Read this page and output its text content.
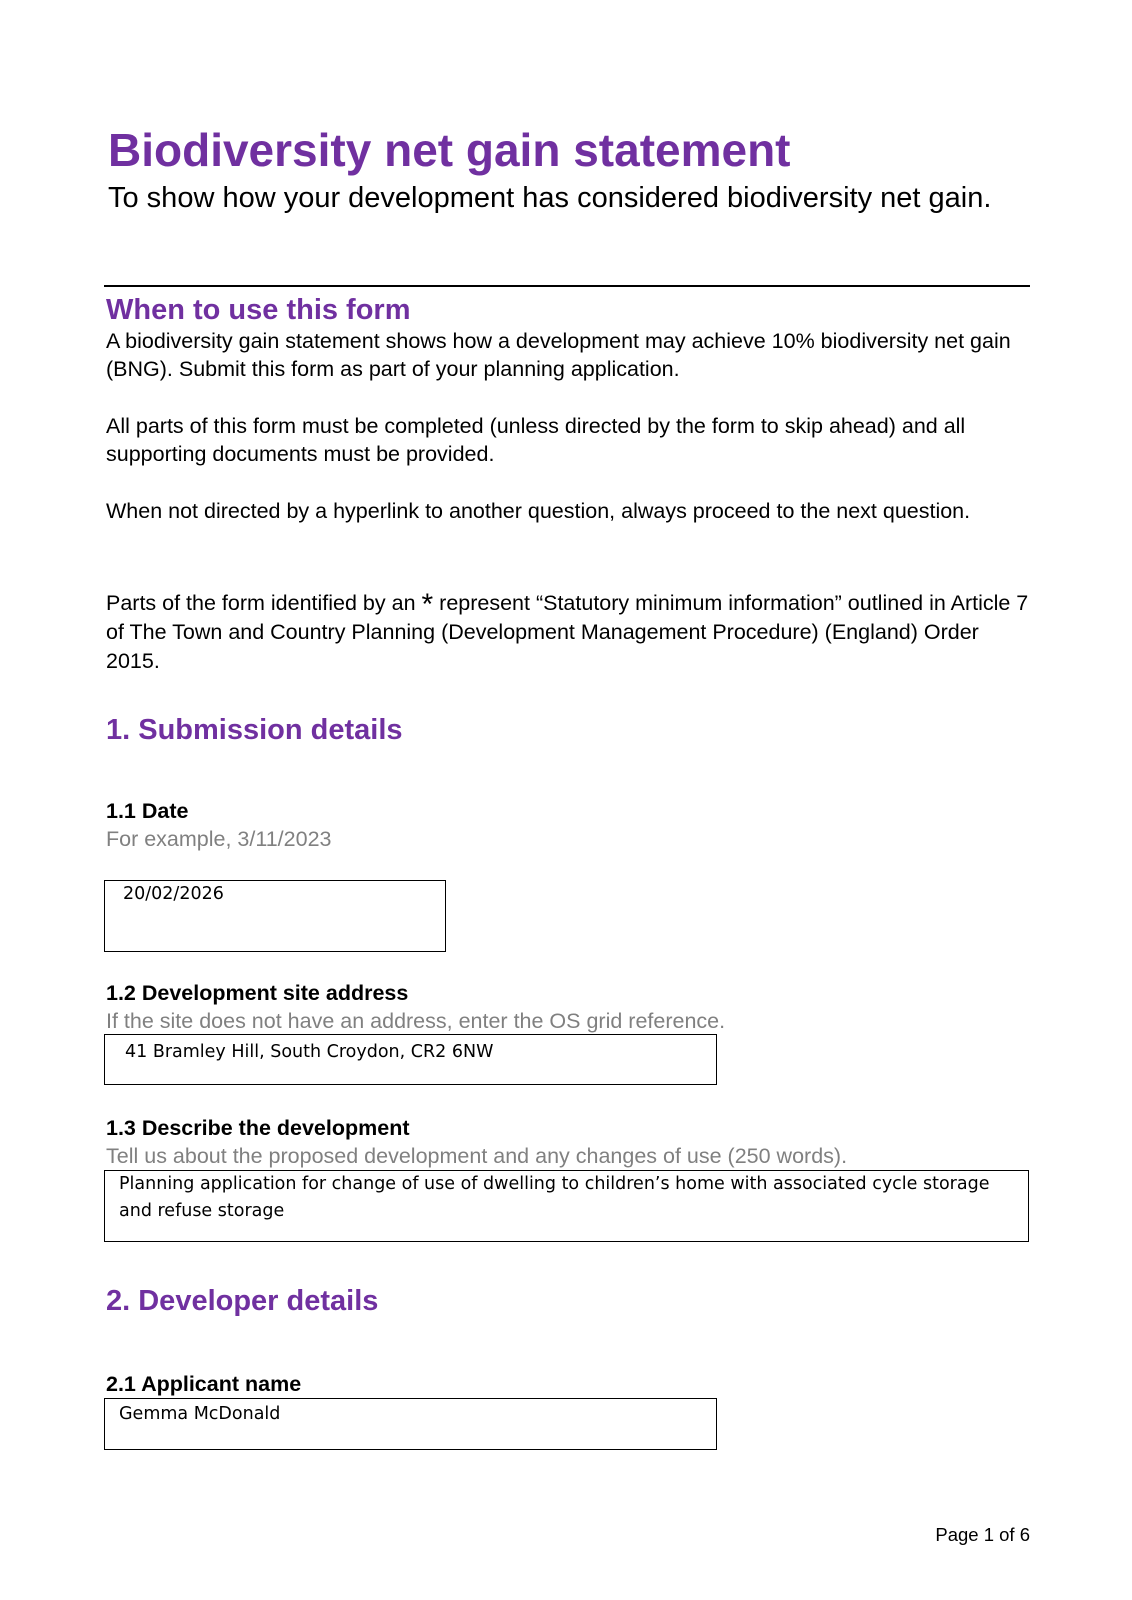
Biodiversity net gain statement
To show how your development has considered biodiversity net gain.
When to use this form
A biodiversity gain statement shows how a development may achieve 10% biodiversity net gain (BNG). Submit this form as part of your planning application.
All parts of this form must be completed (unless directed by the form to skip ahead) and all supporting documents must be provided.
When not directed by a hyperlink to another question, always proceed to the next question.
Parts of the form identified by an * represent “Statutory minimum information” outlined in Article 7 of The Town and Country Planning (Development Management Procedure) (England) Order 2015.
1. Submission details
1.1 Date
For example, 3/11/2023
20/02/2026
1.2 Development site address
If the site does not have an address, enter the OS grid reference.
41 Bramley Hill, South Croydon, CR2 6NW
1.3 Describe the development
Tell us about the proposed development and any changes of use (250 words).
Planning application for change of use of dwelling to children’s home with associated cycle storage and refuse storage
2. Developer details
2.1 Applicant name
Gemma McDonald
Page 1 of 6
